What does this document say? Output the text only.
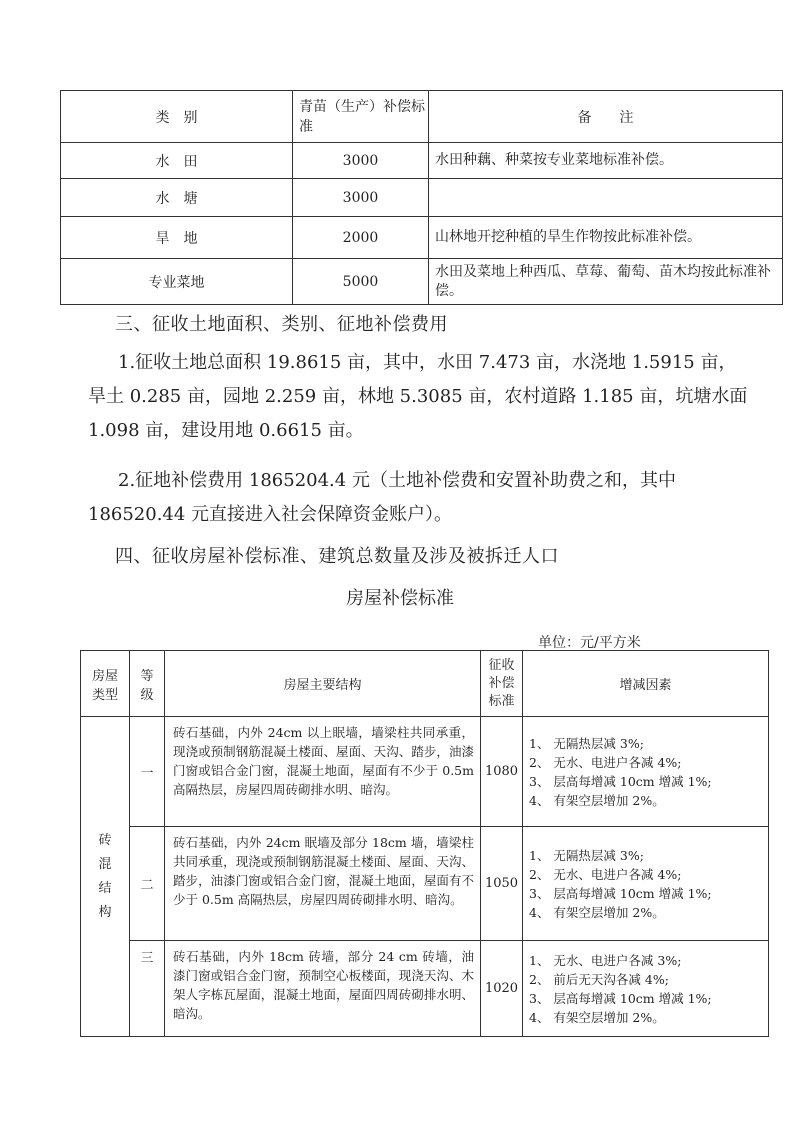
类　别	青苗（生产）补偿标准	备　　注
水　田	3000	水田种藕、种菜按专业菜地标准补偿。
水　塘	3000	
旱　地	2000	山林地开挖种植的旱生作物按此标准补偿。
专业菜地	5000	水田及菜地上种西瓜、草莓、葡萄、苗木均按此标准补偿。
三、征收土地面积、类别、征地补偿费用
1.征收土地总面积 19.8615 亩，其中，水田 7.473 亩，水浇地 1.5915 亩，旱土 0.285 亩，园地 2.259 亩，林地 5.3085 亩，农村道路 1.185 亩，坑塘水面 1.098 亩，建设用地 0.6615 亩。
2.征地补偿费用 1865204.4 元（土地补偿费和安置补助费之和，其中 186520.44 元直接进入社会保障资金账户）。
四、征收房屋补偿标准、建筑总数量及涉及被拆迁人口
房屋补偿标准
单位：元/平方米
房屋类型	等级	房屋主要结构	征收补偿标准	增减因素
砖混结构	一	砖石基础，内外 24cm 以上眠墙，墙梁柱共同承重，现浇或预制钢筋混凝土楼面、屋面、天沟、踏步，油漆门窗或铝合金门窗，混凝土地面，屋面有不少于 0.5m 高隔热层，房屋四周砖砌排水明、暗沟。	1080	1、 无隔热层减 3%;
2、 无水、电进户各减 4%;
3、 层高每增减 10cm 增减 1%;
4、 有架空层增加 2%。

	二	砖石基础，内外 24cm 眠墙及部分 18cm 墙，墙梁柱共同承重，现浇或预制钢筋混凝土楼面、屋面、天沟、踏步，油漆门窗或铝合金门窗，混凝土地面，屋面有不少于 0.5m 高隔热层，房屋四周砖砌排水明、暗沟。	1050	1、 无隔热层减 3%;
2、 无水、电进户各减 4%;
3、 层高每增减 10cm 增减 1%;
4、 有架空层增加 2%。

	三	砖石基础，内外 18cm 砖墙，部分 24 cm 砖墙，油漆门窗或铝合金门窗，预制空心板楼面，现浇天沟、木架人字栋瓦屋面，混凝土地面，屋面四周砖砌排水明、暗沟。	1020	1、 无水、电进户各减 3%;
2、 前后无天沟各减 4%;
3、 层高每增减 10cm 增减 1%;
4、 有架空层增加 2%。
